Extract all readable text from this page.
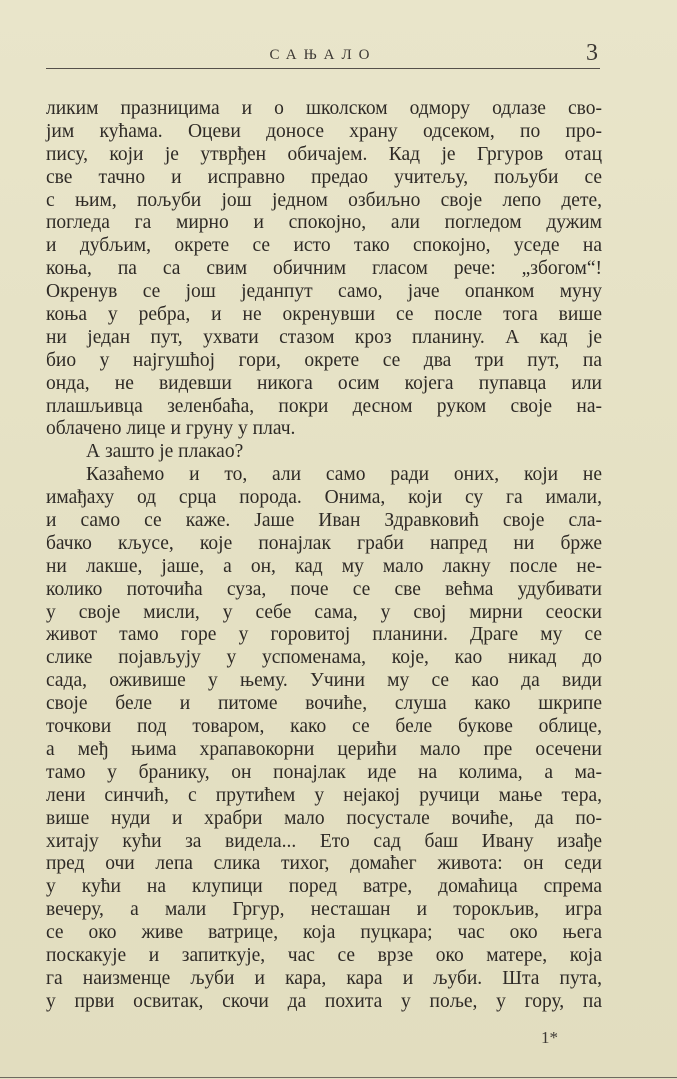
САЊАЛО	3
ликим празницима и о школском одмору одлазе сво-
јим кућама. Оцеви доносе храну одсеком, по про-
пису, који је утврђен обичајем. Кад је Гргуров отац
све тачно и исправно предао учитељу, пољуби се
с њим, пољуби још једном озбиљно своје лепо дете,
погледа га мирно и спокојно, али погледом дужим
и дубљим, окрете се исто тако спокојно, уседе на
коња, па са свим обичним гласом рече: „збогом“!
Окренув се још једанпут само, јаче опанком муну
коња у ребра, и не окренувши се после тога више
ни један пут, ухвати стазом кроз планину. А кад је
био у најгушћој гори, окрете се два три пут, па
онда, не видевши никога осим којега пупавца или
плашљивца зеленбаћа, покри десном руком своје на-
облачено лице и груну у плач.
А зашто је плакао?
Казаћемо и то, али само ради оних, који не
имађаху од срца порода. Онима, који су га имали,
и само се каже. Јаше Иван Здравковић своје сла-
бачко кљусе, које понајлак граби напред ни брже
ни лакше, јаше, а он, кад му мало лакну после не-
колико поточића суза, поче се све већма удубивати
у своје мисли, у себе сама, у свој мирни сеоски
живот тамо горе у горовитој планини. Драге му се
слике појављују у успоменама, које, као никад до
сада, оживише у њему. Учини му се као да види
своје беле и питоме вочиће, слуша како шкрипе
точкови под товаром, како се беле букове облице,
а међ њима храпавокорни церићи мало пре осечени
тамо у бранику, он понајлак иде на колима, а ма-
лени синчић, с прутићем у нејакој ручици мање тера,
више нуди и храбри мало посустале вочиће, да по-
хитају кући за видела... Ето сад баш Ивану изађе
пред очи лепа слика тихог, домаћег живота: он седи
у кући на клупици поред ватре, домаћица спрема
вечеру, а мали Гргур, несташан и торокљив, игра
се око живе ватрице, која пуцкара; час око њега
поскакује и запиткује, час се врзе око матере, која
га наизменце љуби и кара, кара и љуби. Шта пута,
у први освитак, скочи да похита у поље, у гору, па
1*
